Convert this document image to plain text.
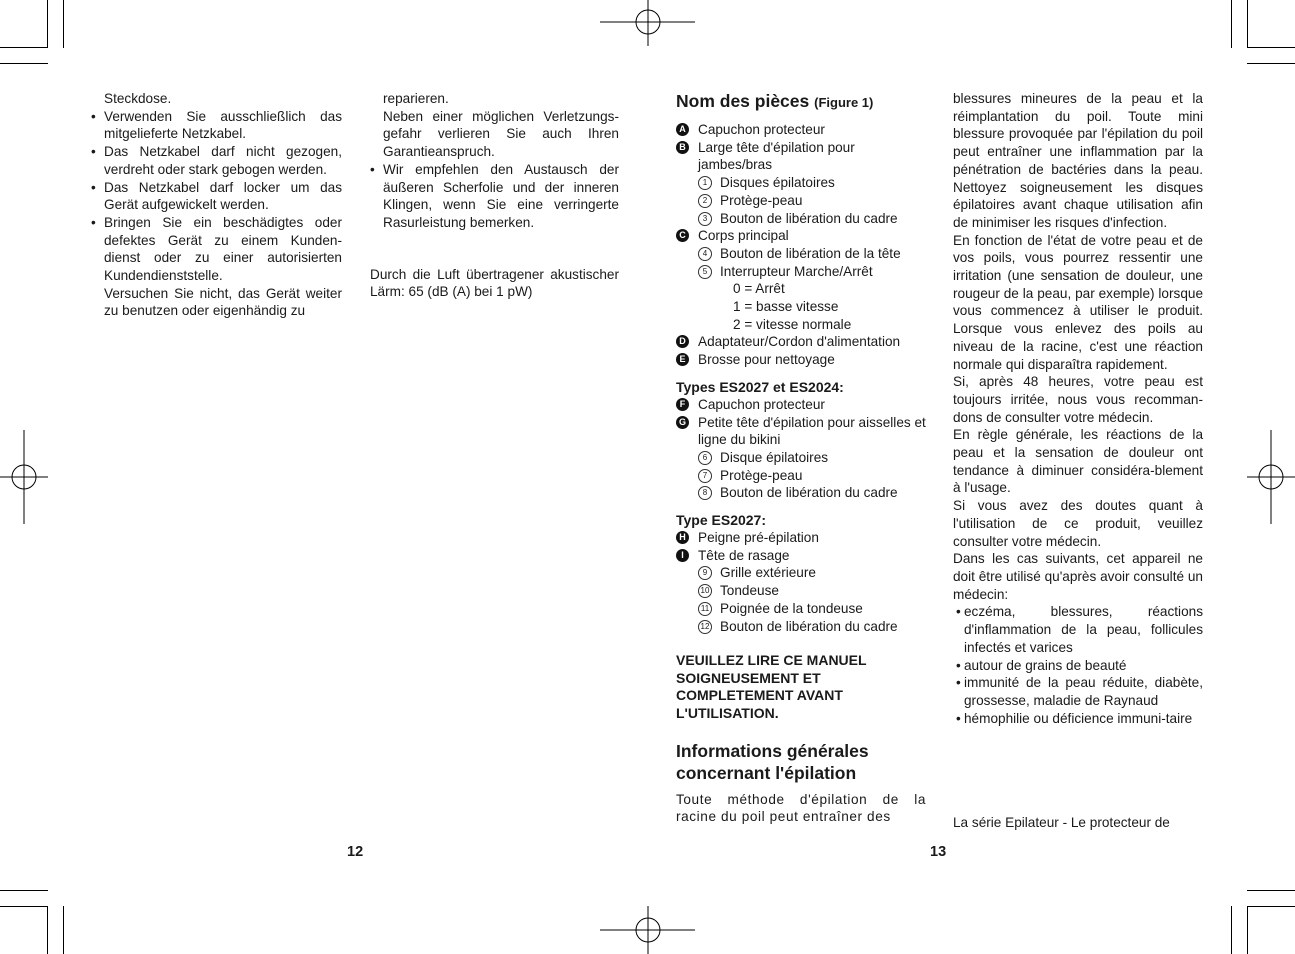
Steckdose.

• Verwenden Sie ausschließlich das mitgelieferte Netzkabel.

• Das Netzkabel darf nicht gezogen, verdreht oder stark gebogen werden.

• Das Netzkabel darf locker um das Gerät aufgewickelt werden.

• Bringen Sie ein beschädigtes oder defektes Gerät zu einem Kunden-dienst oder zu einer autorisierten Kundendienststelle.

Versuchen Sie nicht, das Gerät weiter zu benutzen oder eigenhändig zu

reparieren.

Neben einer möglichen Verletzungs-gefahr verlieren Sie auch Ihren Garantieanspruch.

• Wir empfehlen den Austausch der äußeren Scherfolie und der inneren Klingen, wenn Sie eine verringerte Rasurleistung bemerken.

Durch die Luft übertragener akustischer Lärm: 65 (dB (A) bei 1 pW)

12
Nom des pièces (Figure 1)

A Capuchon protecteur

B Large tête d'épilation pour jambes/bras

1 Disques épilatoires

2 Protège-peau

3 Bouton de libération du cadre

C Corps principal

4 Bouton de libération de la tête

5 Interrupteur Marche/Arrêt

0 = Arrêt

1 = basse vitesse

2 = vitesse normale

D Adaptateur/Cordon d'alimentation

E Brosse pour nettoyage

Types ES2027 et ES2024:

F Capuchon protecteur

G Petite tête d'épilation pour aisselles et ligne du bikini

6 Disque épilatoires

7 Protège-peau

8 Bouton de libération du cadre

Type ES2027:

H Peigne pré-épilation

I	Tête de rasage

9 Grille extérieure

10 Tondeuse

11 Poignée de la tondeuse

12 Bouton de libération du cadre

VEUILLEZ LIRE CE MANUEL SOIGNEUSEMENT ET COMPLETEMENT AVANT L'UTILISATION.

Informations générales concernant l'épilation

Toute méthode d'épilation de la racine du poil peut entraîner des

blessures mineures de la peau et la réimplantation du poil. Toute mini blessure provoquée par l'épilation du poil peut entraîner une inflammation par la pénétration de bactéries dans la peau. Nettoyez soigneusement les disques épilatoires avant chaque utilisation afin de minimiser les risques d'infection.

En fonction de l'état de votre peau et de vos poils, vous pourrez ressentir une irritation (une sensation de douleur, une rougeur de la peau, par exemple) lorsque vous commencez à utiliser le produit. Lorsque vous enlevez des poils au niveau de la racine, c'est une réaction normale qui disparaîtra rapidement.

Si, après 48 heures, votre peau est toujours irritée, nous vous recomman-dons de consulter votre médecin.

En règle générale, les réactions de la peau et la sensation de douleur ont tendance à diminuer considéra-blement à l'usage.

Si vous avez des doutes quant à l'utilisation de ce produit, veuillez consulter votre médecin.

Dans les cas suivants, cet appareil ne doit être utilisé qu'après avoir consulté un médecin:

• eczéma, blessures, réactions d'inflammation de la peau, follicules infectés et varices

• autour de grains de beauté

• immunité de la peau réduite, diabète, grossesse, maladie de Raynaud

• hémophilie ou déficience immuni-taire

La série Epilateur - Le protecteur de

13
